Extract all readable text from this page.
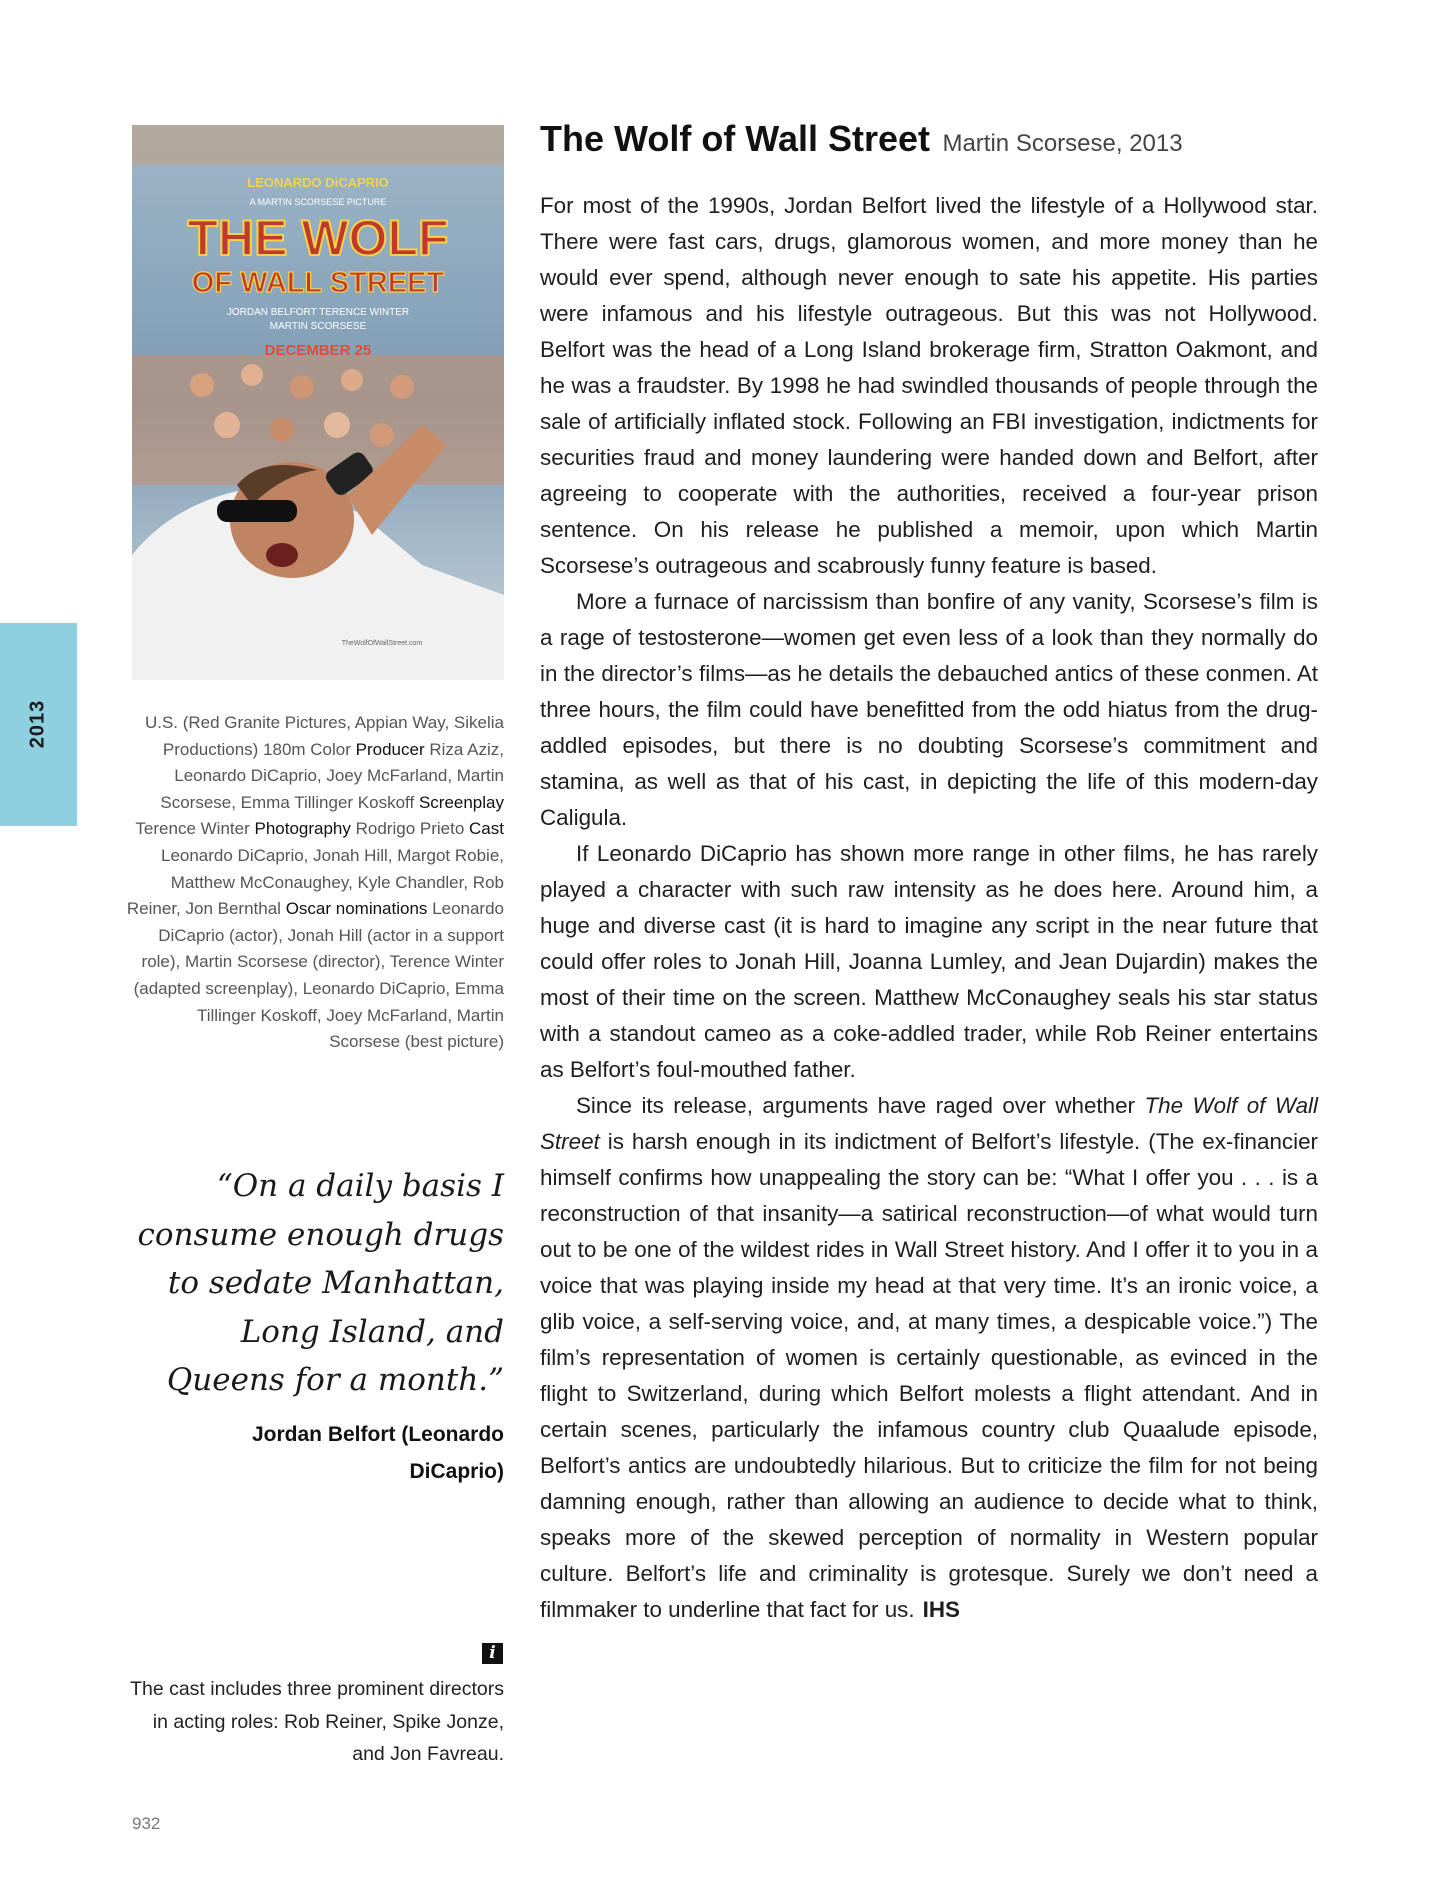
2013
LEONARDO DiCAPRIO
A MARTIN SCORSESE PICTURE
THE WOLF
OF WALL STREET
JORDAN BELFORT TERENCE WINTER
MARTIN SCORSESE
DECEMBER 25
TheWolfOfWallStreet.com
U.S. (Red Granite Pictures, Appian Way, Sikelia Productions) 180m Color Producer Riza Aziz, Leonardo DiCaprio, Joey McFarland, Martin Scorsese, Emma Tillinger Koskoff Screenplay Terence Winter Photography Rodrigo Prieto Cast Leonardo DiCaprio, Jonah Hill, Margot Robie, Matthew McConaughey, Kyle Chandler, Rob Reiner, Jon Bernthal Oscar nominations Leonardo DiCaprio (actor), Jonah Hill (actor in a support role), Martin Scorsese (director), Terence Winter (adapted screenplay), Leonardo DiCaprio, Emma Tillinger Koskoff, Joey McFarland, Martin Scorsese (best picture)
“On a daily basis I consume enough drugs to sedate Manhattan, Long Island, and Queens for a month.”
Jordan Belfort (Leonardo DiCaprio)
i
The cast includes three prominent directors in acting roles: Rob Reiner, Spike Jonze, and Jon Favreau.
932
The Wolf of Wall Street Martin Scorsese, 2013

For most of the 1990s, Jordan Belfort lived the lifestyle of a Hollywood star. There were fast cars, drugs, glamorous women, and more money than he would ever spend, although never enough to sate his appetite. His parties were infamous and his lifestyle outrageous. But this was not Hollywood. Belfort was the head of a Long Island brokerage firm, Stratton Oakmont, and he was a fraudster. By 1998 he had swindled thousands of people through the sale of artificially inflated stock. Following an FBI investigation, indictments for securities fraud and money laundering were handed down and Belfort, after agreeing to cooperate with the authorities, received a four-year prison sentence. On his release he published a memoir, upon which Martin Scorsese’s outrageous and scabrously funny feature is based.

More a furnace of narcissism than bonfire of any vanity, Scorsese’s film is a rage of testosterone—women get even less of a look than they normally do in the director’s films—as he details the debauched antics of these conmen. At three hours, the film could have benefitted from the odd hiatus from the drug-addled episodes, but there is no doubting Scorsese’s commitment and stamina, as well as that of his cast, in depicting the life of this modern-day Caligula.

If Leonardo DiCaprio has shown more range in other films, he has rarely played a character with such raw intensity as he does here. Around him, a huge and diverse cast (it is hard to imagine any script in the near future that could offer roles to Jonah Hill, Joanna Lumley, and Jean Dujardin) makes the most of their time on the screen. Matthew McConaughey seals his star status with a standout cameo as a coke-addled trader, while Rob Reiner entertains as Belfort’s foul-mouthed father.

Since its release, arguments have raged over whether The Wolf of Wall Street is harsh enough in its indictment of Belfort’s lifestyle. (The ex-financier himself confirms how unappealing the story can be: “What I offer you . . . is a reconstruction of that insanity—a satirical reconstruction—of what would turn out to be one of the wildest rides in Wall Street history. And I offer it to you in a voice that was playing inside my head at that very time. It’s an ironic voice, a glib voice, a self-serving voice, and, at many times, a despicable voice.”) The film’s representation of women is certainly questionable, as evinced in the flight to Switzerland, during which Belfort molests a flight attendant. And in certain scenes, particularly the infamous country club Quaalude episode, Belfort’s antics are undoubtedly hilarious. But to criticize the film for not being damning enough, rather than allowing an audience to decide what to think, speaks more of the skewed perception of normality in Western popular culture. Belfort’s life and criminality is grotesque. Surely we don’t need a filmmaker to underline that fact for us. IHS
